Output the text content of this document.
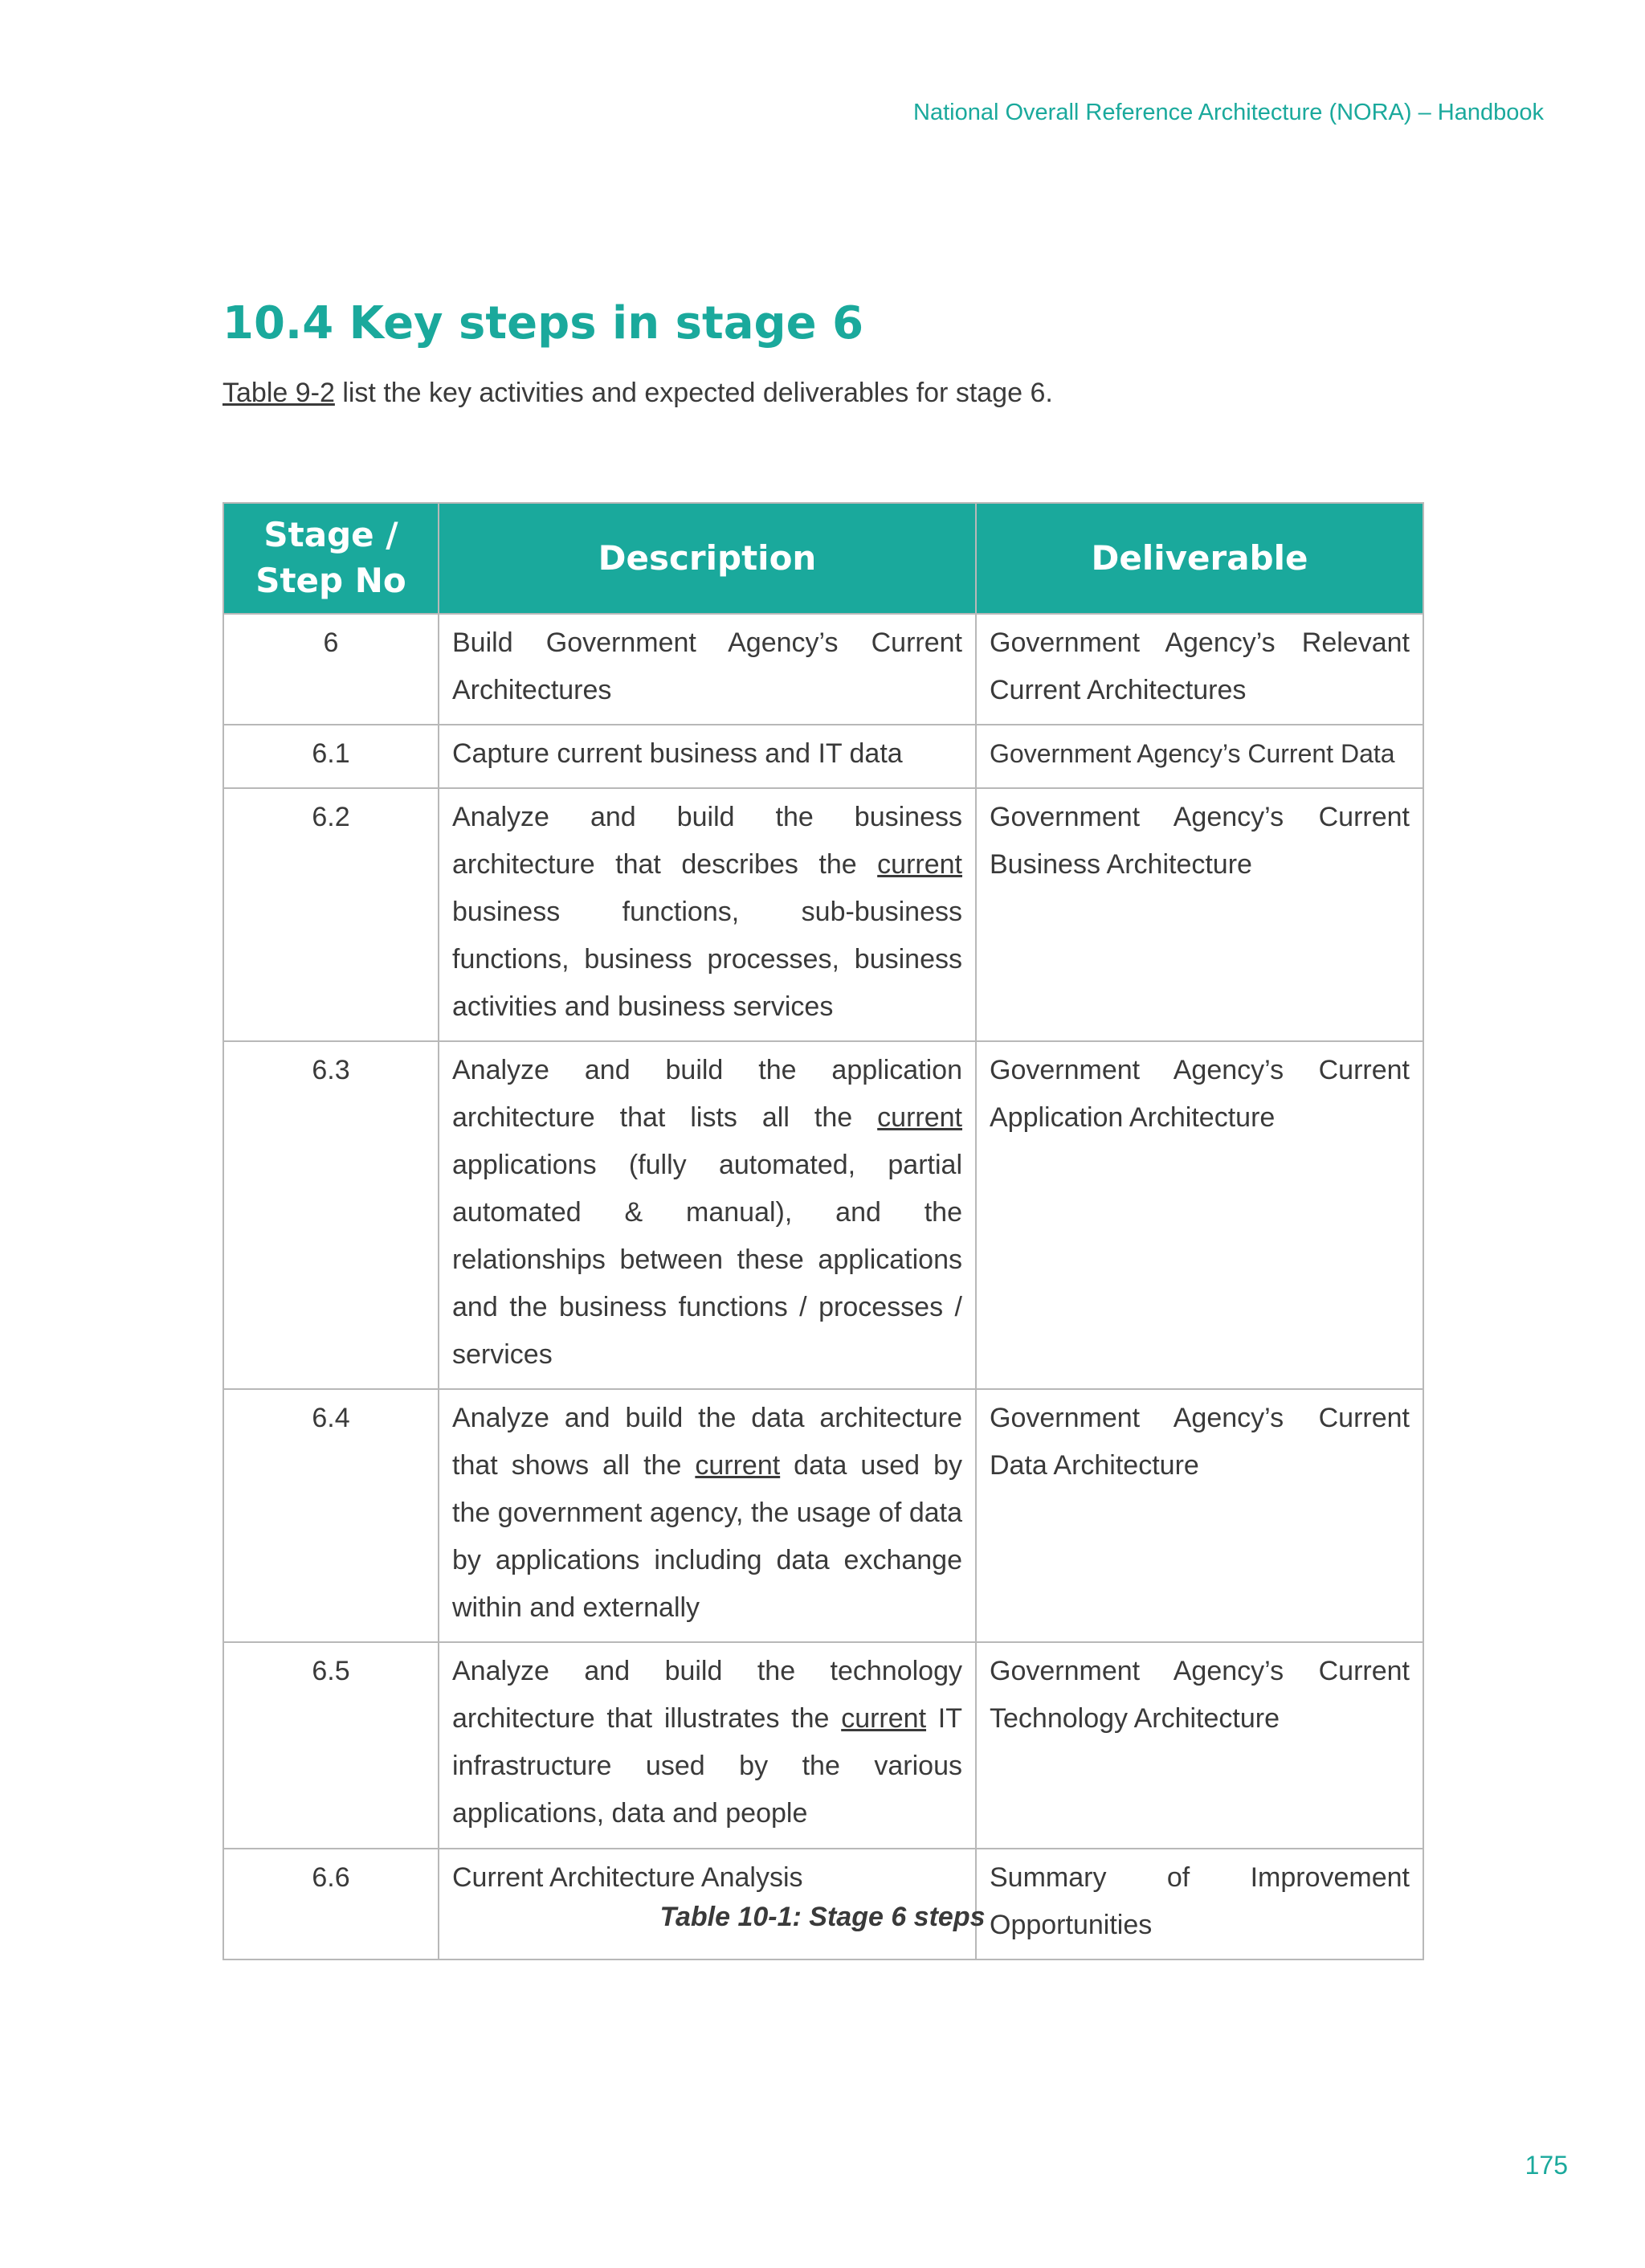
National Overall Reference Architecture (NORA) – Handbook
10.4 Key steps in stage 6

Table 9-2 list the key activities and expected deliverables for stage 6.

Stage /
Step No	Description	Deliverable
6	Build Government Agency’s Current Architectures	Government Agency’s Relevant Current Architectures
6.1	Capture current business and IT data	Government Agency’s Current Data
6.2	Analyze and build the business architecture that describes the current business functions, sub-business functions, business processes, business activities and business services	Government Agency’s Current Business Architecture
6.3	Analyze and build the application architecture that lists all the current applications (fully automated, partial automated & manual), and the relationships between these applications and the business functions / processes / services	Government Agency’s Current Application Architecture
6.4	Analyze and build the data architecture that shows all the current data used by the government agency, the usage of data by applications including data exchange within and externally	Government Agency’s Current Data Architecture
6.5	Analyze and build the technology architecture that illustrates the current IT infrastructure used by the various applications, data and people	Government Agency’s Current Technology Architecture
6.6	Current Architecture Analysis	Summary of Improvement Opportunities

Table 10-1: Stage 6 steps

175
